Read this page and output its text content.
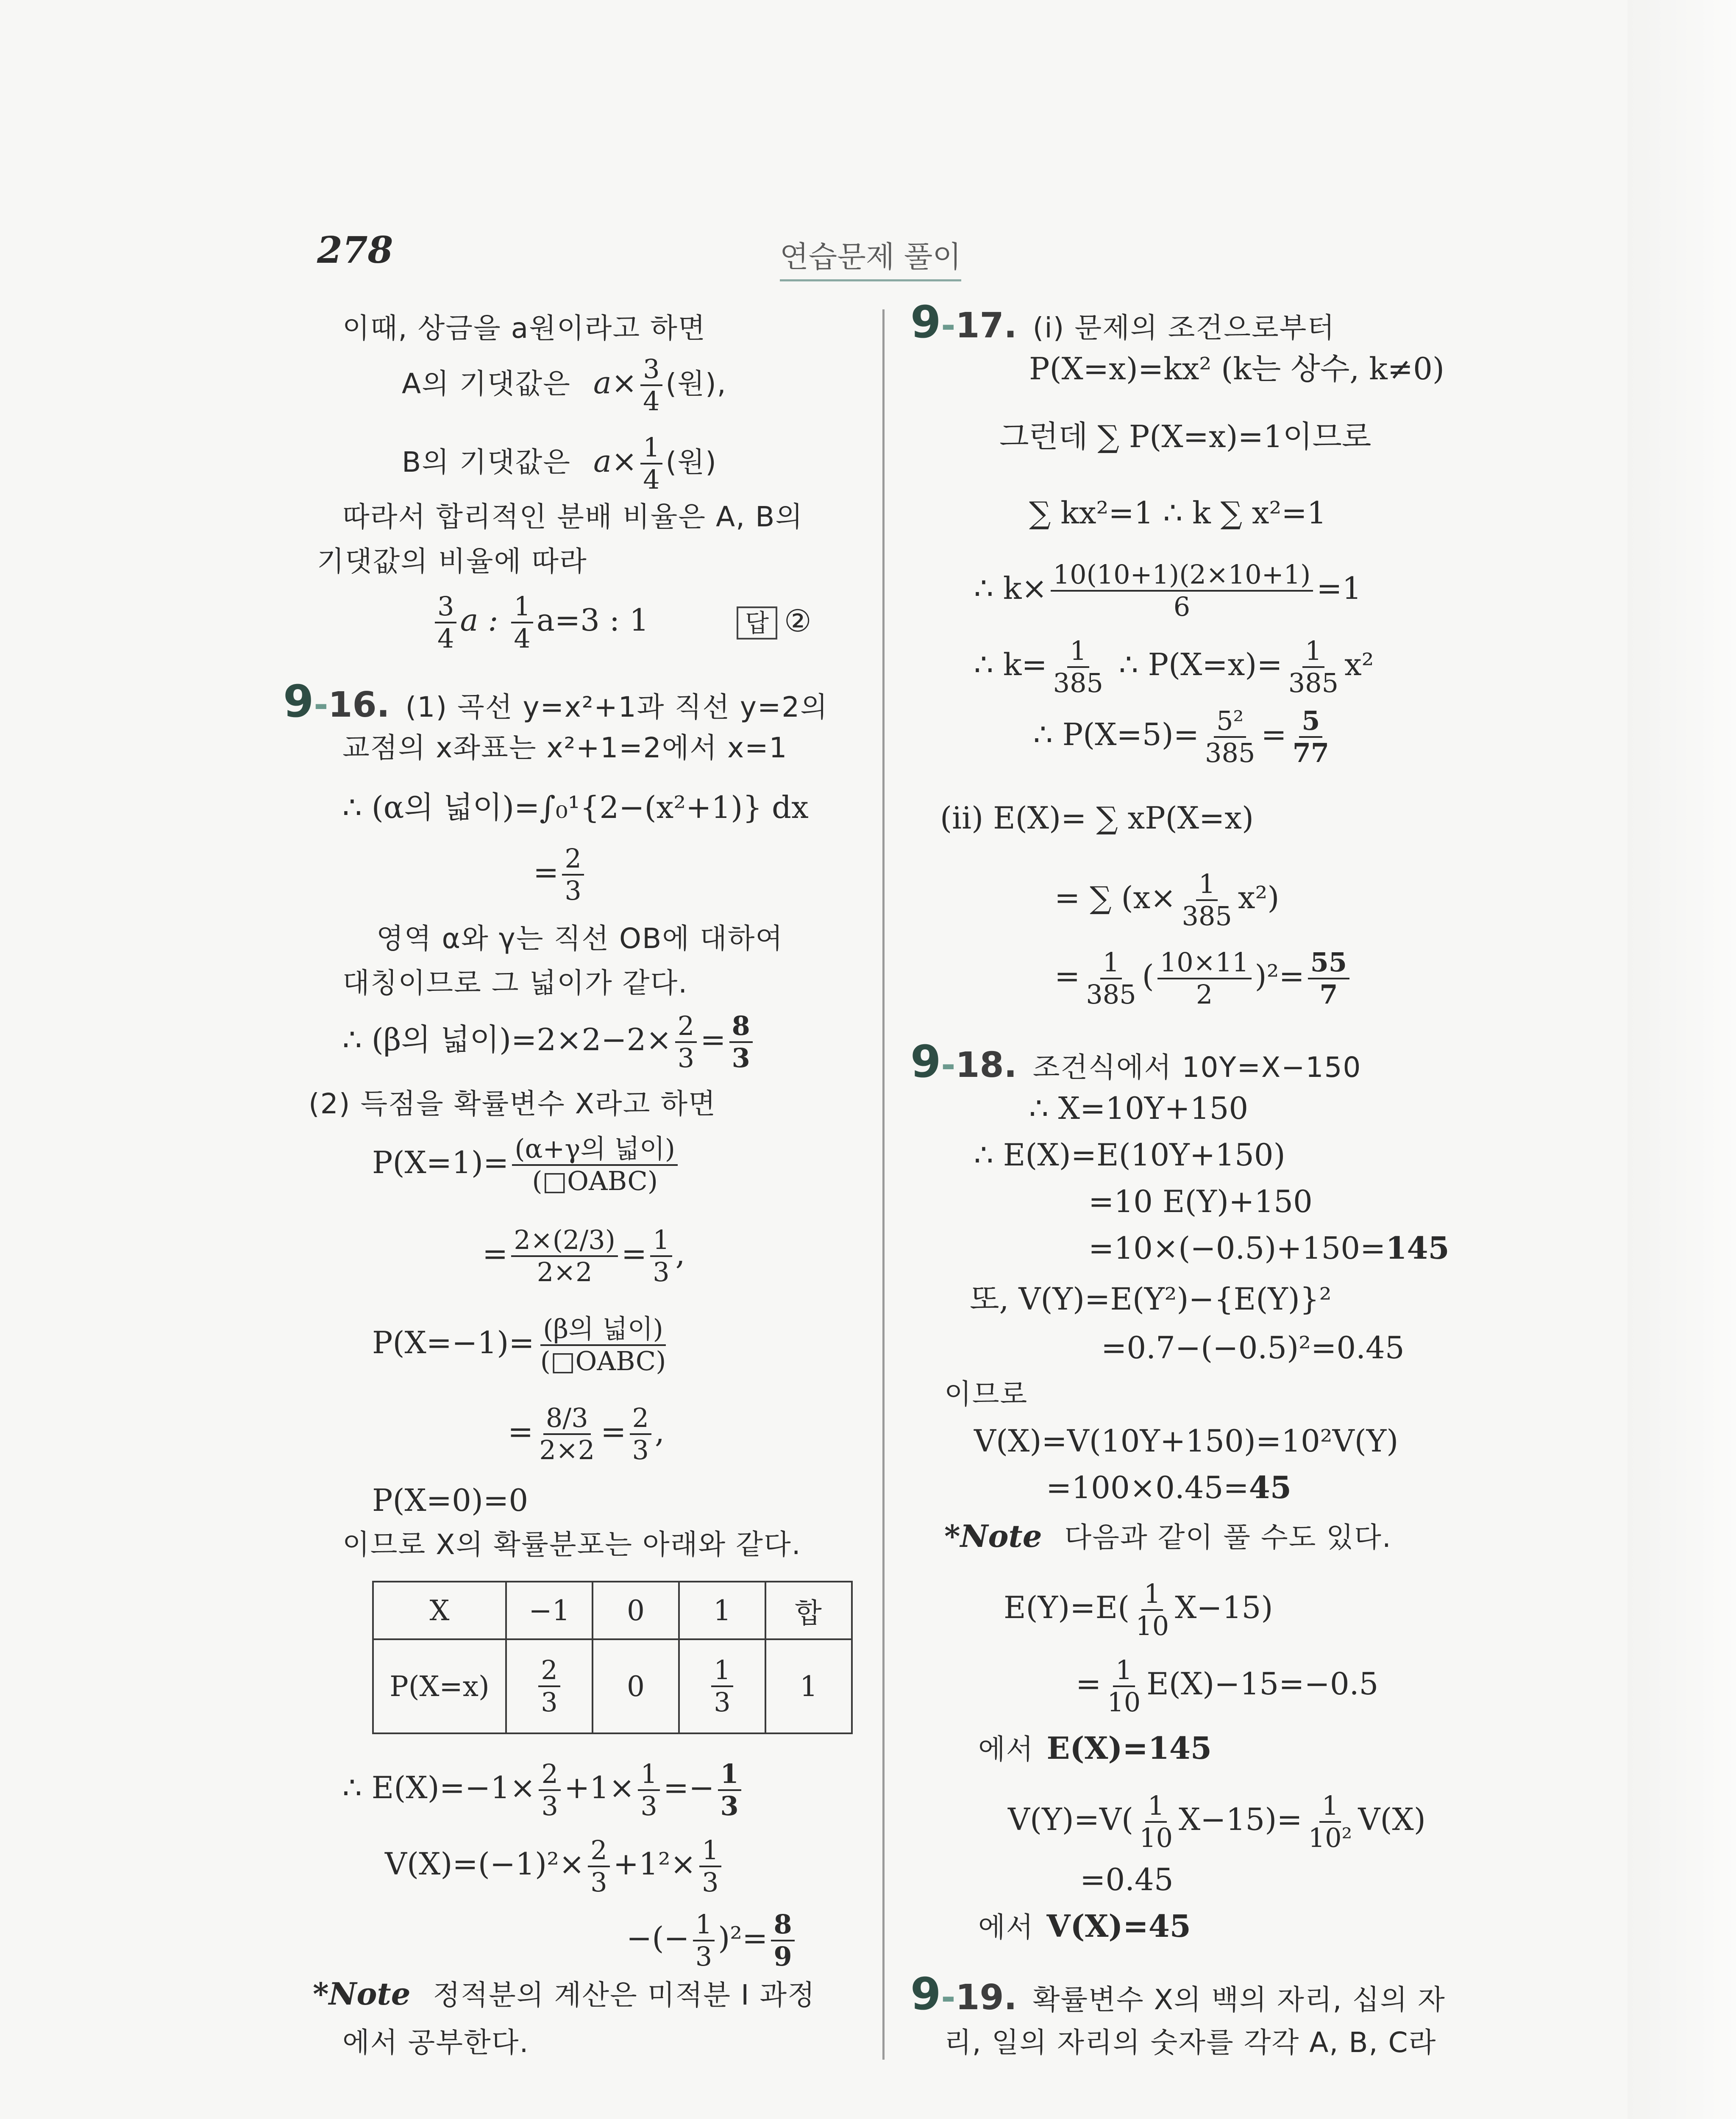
278	연습문제 풀이
이때, 상금을 a원이라고 하면
A의 기댓값은 $a\times \frac{3}{4}$ (원),
B의 기댓값은 $a\times \frac{1}{4}$ (원)
따라서 합리적인 분배 비율은 A, B의
기댓값의 비율에 따라
$\frac{3}{4}$ a : $\frac{1}{4} a=3$ : 1	답 ②
9-16. (1) 곡선 y=x²+1과 직선 y=2의
교점의 x좌표는 x²+1=2에서 x=1
∴ (α의 넓이)=∫₀¹{2−(x²+1)} dx
= $\frac{2}{3}$
영역 α와 γ는 직선 OB에 대하여
대칭이므로 그 넓이가 같다.
∴ (β의 넓이)$=2\times 2-2\times \frac{2}{3} = \frac{8}{3}$
(2) 득점을 확률변수 X라고 하면
$P(X=1)= \frac{\text{(α+γ의 넓이)}}{\text{(□OABC)}}$
= $\frac{2\times(2/3)}{2\times 2} = \frac{1}{3}$ ,
$P(X=-1)= \frac{\text{(β의 넓이)}}{\text{(□OABC)}}$
= $\frac{8/3}{2\times 2} = \frac{2}{3}$ ,
P(X=0)=0
이므로 X의 확률분포는 아래와 같다.
X	−1	0	1	합
P(X=x)	$\frac{2}{3}$	0	$\frac{1}{3}$	1
∴ $E(X)=-1\times \frac{2}{3} +1\times \frac{1}{3} =- \frac{1}{3}$
$V(X)=(-1)^2\times \frac{2}{3} +1^2\times \frac{1}{3}$
−(− $\frac{1}{3} )^2= \frac{8}{9}$
*Note 정적분의 계산은 미적분 I 과정
에서 공부한다.
9-17. (i) 문제의 조건으로부터
P(X=x)=kx² (k는 상수, k≠0)
그런데 ∑ P(X=x)=1이므로
∑ kx²=1 ∴ k ∑ x²=1
∴ $k\times \frac{10(10+1)(2\times 10+1)}{6} =1$
∴ $k= \frac{1}{385}$ ∴ $P(X=x)= \frac{1}{385} x^2$
∴ $P(X=5)= \frac{\text{5²}}{385} = \frac{5}{77}$
(ii) E(X)= ∑ xP(X=x)
= ∑ $(x\times \frac{1}{385} x^2)$
= $\frac{1}{385}$ ( $\frac{10\times 11}{2} )^2= \frac{55}{7}$
9-18. 조건식에서 10Y=X−150
∴ X=10Y+150
∴ E(X)=E(10Y+150)
=10 E(Y)+150
=10×(−0.5)+150=145
또, V(Y)=E(Y²)−{E(Y)}²
=0.7−(−0.5)²=0.45
이므로
V(X)=V(10Y+150)=10²V(Y)
=100×0.45=45
*Note 다음과 같이 풀 수도 있다.
$E(Y)=E( \frac{1}{10} X-15)$
= $\frac{1}{10} E(X)-15=-0.5$
에서 E(X)=145
$V(Y)=V( \frac{1}{10} X-15)= \frac{1}{\text{10²}} V(X)$
=0.45
에서 V(X)=45
9-19. 확률변수 X의 백의 자리, 십의 자
리, 일의 자리의 숫자를 각각 A, B, C라
